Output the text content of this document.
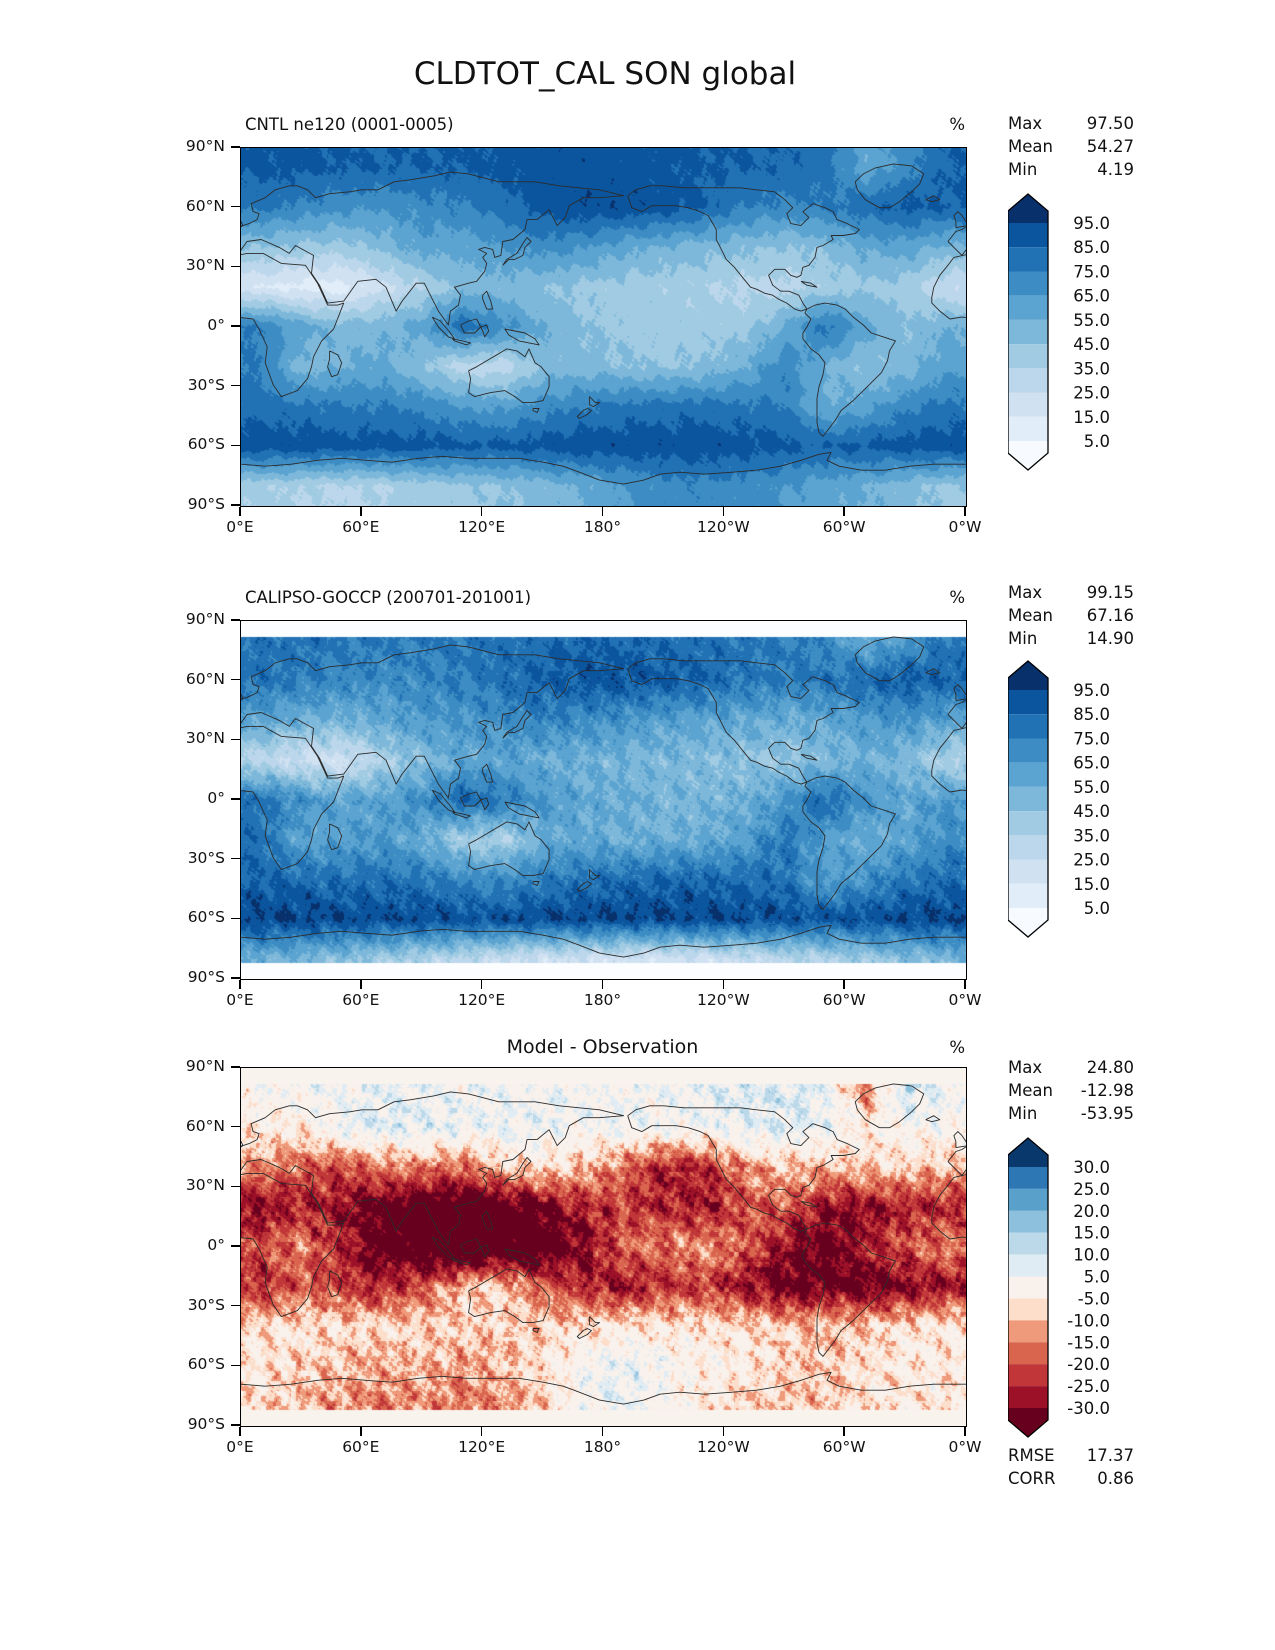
CLDTOT_CAL SON global
CNTL ne120 (0001-0005)	%
CALIPSO-GOCCP (200701-201001)	%
Model - Observation	%
90°N
60°N
30°N
0°
30°S
60°S
90°S
0°E	60°E	120°E	180°	120°W	60°W	0°W
90°N
60°N
30°N
0°
30°S
60°S
90°S
0°E	60°E	120°E	180°	120°W	60°W	0°W
90°N
60°N
30°N
0°
30°S
60°S
90°S
0°E	60°E	120°E	180°	120°W	60°W	0°W
Max	97.50
Mean 54.27
Min	4.19
Max	99.15
Mean 67.16
Min	14.90
Max	24.80
Mean -12.98
Min	-53.95
RMSE 17.37
CORR	0.86
95.0
85.0
75.0
65.0
55.0
45.0
35.0
25.0
15.0
5.0
95.0
85.0
75.0
65.0
55.0
45.0
35.0
25.0
15.0
5.0
30.0
25.0
20.0
15.0
10.0
5.0
-5.0
-10.0
-15.0
-20.0
-25.0
-30.0
